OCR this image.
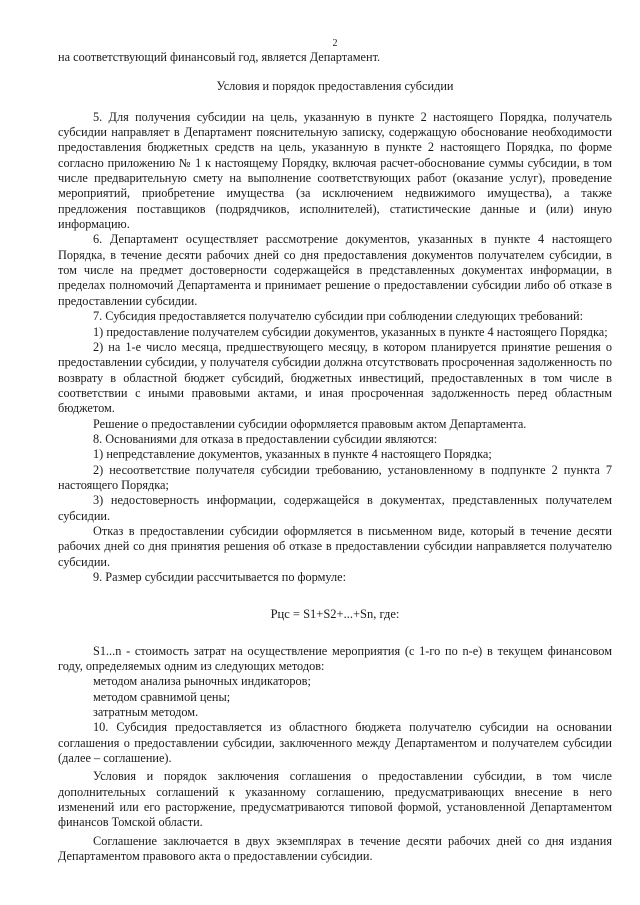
2

на соответствующий финансовый год, является Департамент.

Условия и порядок предоставления субсидии

5. Для получения субсидии на цель, указанную в пункте 2 настоящего Порядка, получатель субсидии направляет в Департамент пояснительную записку, содержащую обоснование необходимости предоставления бюджетных средств на цель, указанную в пункте 2 настоящего Порядка, по форме согласно приложению № 1 к настоящему Порядку, включая расчет-обоснование суммы субсидии, в том числе предварительную смету на выполнение соответствующих работ (оказание услуг), проведение мероприятий, приобретение имущества (за исключением недвижимого имущества), а также предложения поставщиков (подрядчиков, исполнителей), статистические данные и (или) иную информацию.

6. Департамент осуществляет рассмотрение документов, указанных в пункте 4 настоящего Порядка, в течение десяти рабочих дней со дня предоставления документов получателем субсидии, в том числе на предмет достоверности содержащейся в представленных документах информации, в пределах полномочий Департамента и принимает решение о предоставлении субсидии либо об отказе в предоставлении субсидии.

7. Субсидия предоставляется получателю субсидии при соблюдении следующих требований:

1) предоставление получателем субсидии документов, указанных в пункте 4 настоящего Порядка;

2) на 1-е число месяца, предшествующего месяцу, в котором планируется принятие решения о предоставлении субсидии, у получателя субсидии должна отсутствовать просроченная задолженность по возврату в областной бюджет субсидий, бюджетных инвестиций, предоставленных в том числе в соответствии с иными правовыми актами, и иная просроченная задолженность перед областным бюджетом.

Решение о предоставлении субсидии оформляется правовым актом Департамента.

8. Основаниями для отказа в предоставлении субсидии являются:

1) непредставление документов, указанных в пункте 4 настоящего Порядка;

2) несоответствие получателя субсидии требованию, установленному в подпункте 2 пункта 7 настоящего Порядка;

3) недостоверность информации, содержащейся в документах, представленных получателем субсидии.

Отказ в предоставлении субсидии оформляется в письменном виде, который в течение десяти рабочих дней со дня принятия решения об отказе в предоставлении субсидии направляется получателю субсидии.

9. Размер субсидии рассчитывается по формуле:

Рцс = S1+S2+...+Sn, где:

S1...n - стоимость затрат на осуществление мероприятия (с 1-го по n-е) в текущем финансовом году, определяемых одним из следующих методов:

методом анализа рыночных индикаторов;

методом сравнимой цены;

затратным методом.

10. Субсидия предоставляется из областного бюджета получателю субсидии на основании соглашения о предоставлении субсидии, заключенного между Департаментом и получателем субсидии (далее – соглашение).

Условия и порядок заключения соглашения о предоставлении субсидии, в том числе дополнительных соглашений к указанному соглашению, предусматривающих внесение в него изменений или его расторжение, предусматриваются типовой формой, установленной Департаментом финансов Томской области.

Соглашение заключается в двух экземплярах в течение десяти рабочих дней со дня издания Департаментом правового акта о предоставлении субсидии.
